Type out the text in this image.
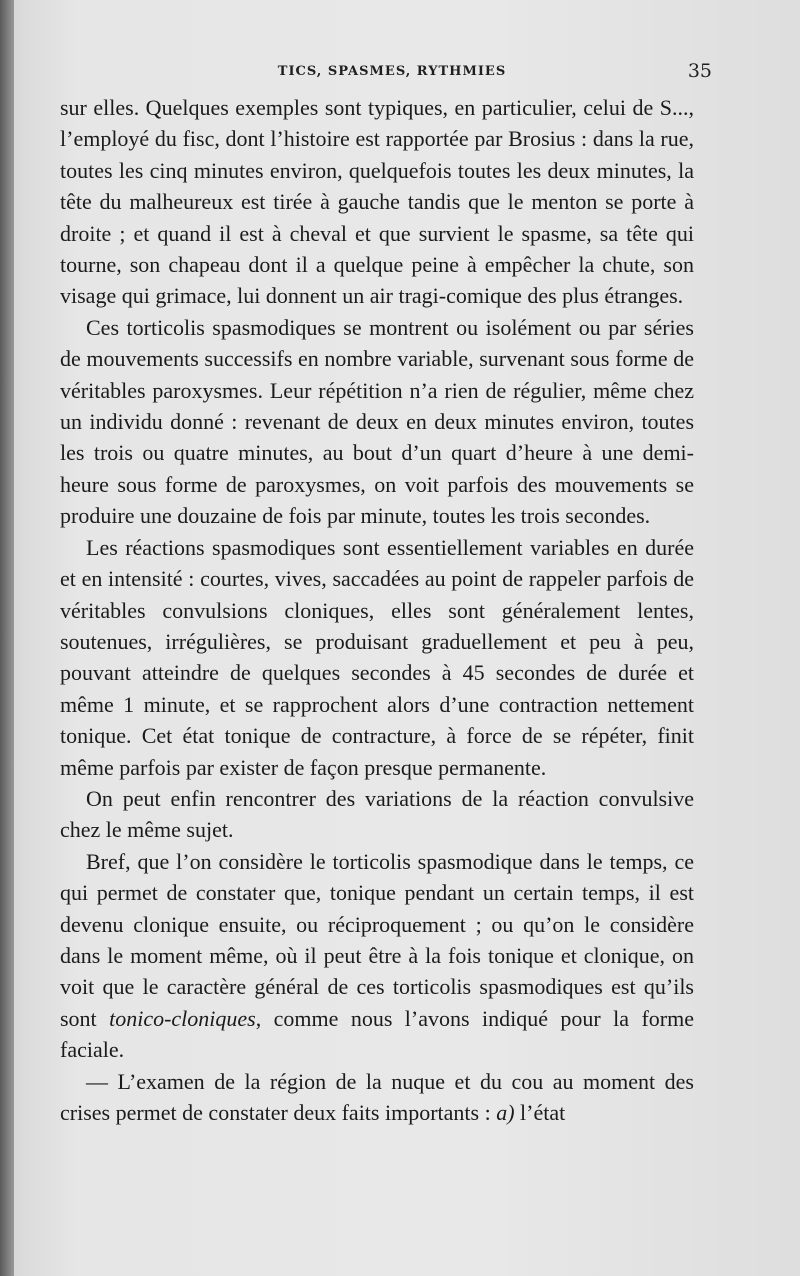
TICS, SPASMES, RYTHMIES	35

sur elles. Quelques exemples sont typiques, en particulier, celui de S..., l’employé du fisc, dont l’histoire est rapportée par Brosius : dans la rue, toutes les cinq minutes environ, quelquefois toutes les deux minutes, la tête du malheureux est tirée à gauche tandis que le menton se porte à droite ; et quand il est à cheval et que survient le spasme, sa tête qui tourne, son chapeau dont il a quelque peine à empêcher la chute, son visage qui grimace, lui donnent un air tragi-comique des plus étranges.

Ces torticolis spasmodiques se montrent ou isolément ou par séries de mouvements successifs en nombre variable, survenant sous forme de véritables paroxysmes. Leur répétition n’a rien de régulier, même chez un individu donné : revenant de deux en deux minutes environ, toutes les trois ou quatre minutes, au bout d’un quart d’heure à une demi-heure sous forme de paroxysmes, on voit parfois des mouvements se produire une douzaine de fois par minute, toutes les trois secondes.

Les réactions spasmodiques sont essentiellement variables en durée et en intensité : courtes, vives, saccadées au point de rappeler parfois de véritables convulsions cloniques, elles sont généralement lentes, soutenues, irrégulières, se produisant graduellement et peu à peu, pouvant atteindre de quelques secondes à 45 secondes de durée et même 1 minute, et se rapprochent alors d’une contraction nettement tonique. Cet état tonique de contracture, à force de se répéter, finit même parfois par exister de façon presque permanente.

On peut enfin rencontrer des variations de la réaction convulsive chez le même sujet.

Bref, que l’on considère le torticolis spasmodique dans le temps, ce qui permet de constater que, tonique pendant un certain temps, il est devenu clonique ensuite, ou réciproquement ; ou qu’on le considère dans le moment même, où il peut être à la fois tonique et clonique, on voit que le caractère général de ces torticolis spasmodiques est qu’ils sont tonico-cloniques, comme nous l’avons indiqué pour la forme faciale.

— L’examen de la région de la nuque et du cou au moment des crises permet de constater deux faits importants : a) l’état
